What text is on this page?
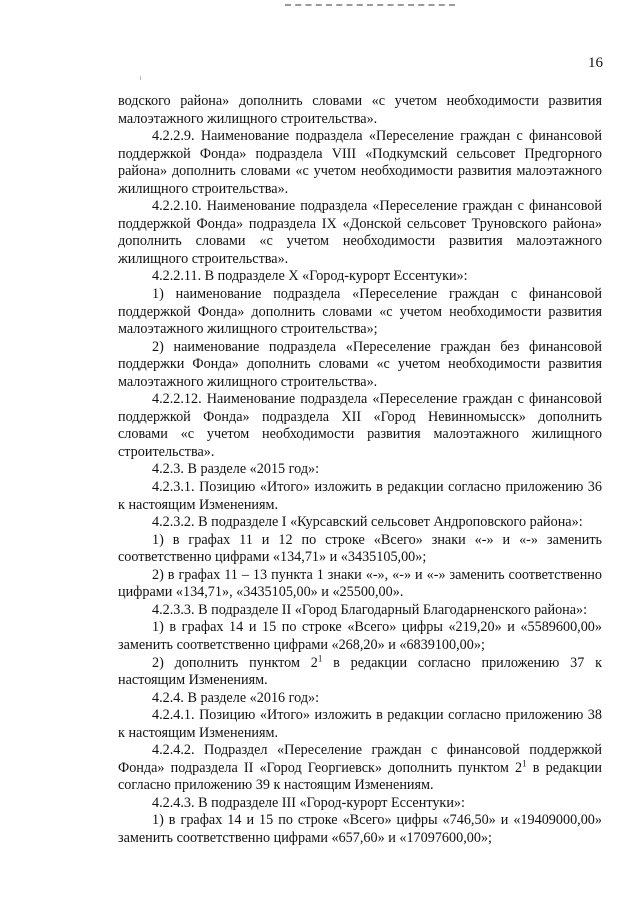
16

водского района» дополнить словами «с учетом необходимости развития малоэтажного жилищного строительства».

4.2.2.9. Наименование подраздела «Переселение граждан с финансовой поддержкой Фонда» подраздела VIII «Подкумский сельсовет Предгорного района» дополнить словами «с учетом необходимости развития малоэтажного жилищного строительства».

4.2.2.10. Наименование подраздела «Переселение граждан с финансовой поддержкой Фонда» подраздела IX «Донской сельсовет Труновского района» дополнить словами «с учетом необходимости развития малоэтажного жилищного строительства».

4.2.2.11. В подразделе X «Город-курорт Ессентуки»:

1) наименование подраздела «Переселение граждан с финансовой поддержкой Фонда» дополнить словами «с учетом необходимости развития малоэтажного жилищного строительства»;

2) наименование подраздела «Переселение граждан без финансовой поддержки Фонда» дополнить словами «с учетом необходимости развития малоэтажного жилищного строительства».

4.2.2.12. Наименование подраздела «Переселение граждан с финансовой поддержкой Фонда» подраздела XII «Город Невинномысск» дополнить словами «с учетом необходимости развития малоэтажного жилищного строительства».

4.2.3. В разделе «2015 год»:

4.2.3.1. Позицию «Итого» изложить в редакции согласно приложению 36 к настоящим Изменениям.

4.2.3.2. В подразделе I «Курсавский сельсовет Андроповского района»:

1) в графах 11 и 12 по строке «Всего» знаки «-» и «-» заменить соответственно цифрами «134,71» и «3435105,00»;

2) в графах 11 – 13 пункта 1 знаки «-», «-» и «-» заменить соответственно цифрами «134,71», «3435105,00» и «25500,00».

4.2.3.3. В подразделе II «Город Благодарный Благодарненского района»:

1) в графах 14 и 15 по строке «Всего» цифры «219,20» и «5589600,00» заменить соответственно цифрами «268,20» и «6839100,00»;

2) дополнить пунктом $2^1$ в редакции согласно приложению 37 к настоящим Изменениям.

4.2.4. В разделе «2016 год»:

4.2.4.1. Позицию «Итого» изложить в редакции согласно приложению 38 к настоящим Изменениям.

4.2.4.2. Подраздел «Переселение граждан с финансовой поддержкой Фонда» подраздела II «Город Георгиевск» дополнить пунктом $2^1$ в редакции согласно приложению 39 к настоящим Изменениям.

4.2.4.3. В подразделе III «Город-курорт Ессентуки»:

1) в графах 14 и 15 по строке «Всего» цифры «746,50» и «19409000,00» заменить соответственно цифрами «657,60» и «17097600,00»;
